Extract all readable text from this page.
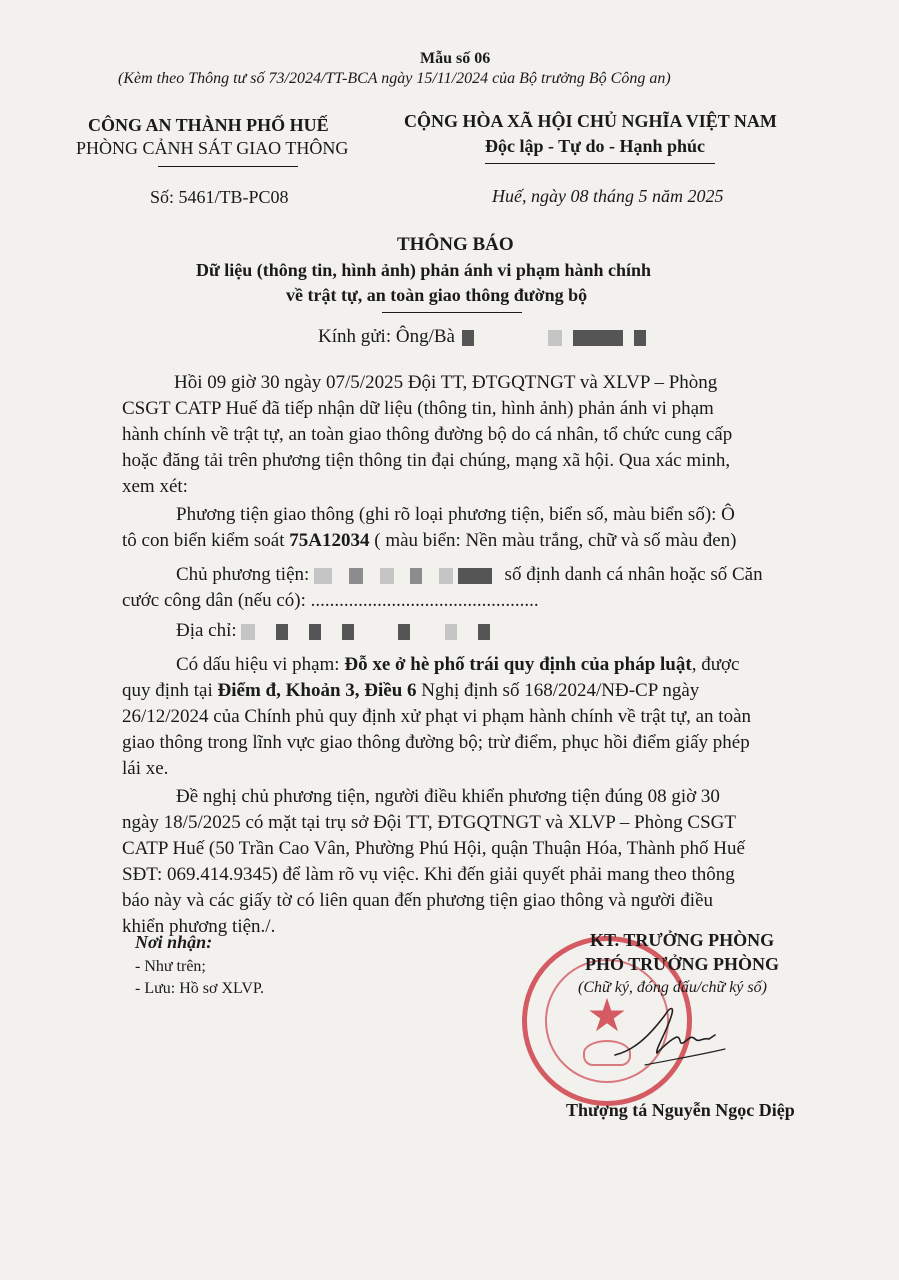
Mẫu số 06
(Kèm theo Thông tư số 73/2024/TT-BCA ngày 15/11/2024 của Bộ trưởng Bộ Công an)
CÔNG AN THÀNH PHỐ HUẾ
PHÒNG CẢNH SÁT GIAO THÔNG
CỘNG HÒA XÃ HỘI CHỦ NGHĨA VIỆT NAM
Độc lập - Tự do - Hạnh phúc
Số: 5461/TB-PC08	Huế, ngày 08 tháng 5 năm 2025
THÔNG BÁO
Dữ liệu (thông tin, hình ảnh) phản ánh vi phạm hành chính
về trật tự, an toàn giao thông đường bộ
Kính gửi: Ông/Bà
Hồi 09 giờ 30 ngày 07/5/2025 Đội TT, ĐTGQTNGT và XLVP – Phòng
CSGT CATP Huế đã tiếp nhận dữ liệu (thông tin, hình ảnh) phản ánh vi phạm
hành chính về trật tự, an toàn giao thông đường bộ do cá nhân, tổ chức cung cấp
hoặc đăng tải trên phương tiện thông tin đại chúng, mạng xã hội. Qua xác minh,
xem xét:
Phương tiện giao thông (ghi rõ loại phương tiện, biển số, màu biển số): Ô
tô con biển kiểm soát 75A12034 ( màu biển: Nền màu trắng, chữ và số màu đen)
Chủ phương tiện:	số định danh cá nhân hoặc số Căn
cước công dân (nếu có): ................................................
Địa chỉ:
Có dấu hiệu vi phạm: Đỗ xe ở hè phố trái quy định của pháp luật, được
quy định tại Điểm đ, Khoản 3, Điều 6 Nghị định số 168/2024/NĐ-CP ngày
26/12/2024 của Chính phủ quy định xử phạt vi phạm hành chính về trật tự, an toàn
giao thông trong lĩnh vực giao thông đường bộ; trừ điểm, phục hồi điểm giấy phép
lái xe.
Đề nghị chủ phương tiện, người điều khiển phương tiện đúng 08 giờ 30
ngày 18/5/2025 có mặt tại trụ sở Đội TT, ĐTGQTNGT và XLVP – Phòng CSGT
CATP Huế (50 Trần Cao Vân, Phường Phú Hội, quận Thuận Hóa, Thành phố Huế
SĐT: 069.414.9345) để làm rõ vụ việc. Khi đến giải quyết phải mang theo thông
báo này và các giấy tờ có liên quan đến phương tiện giao thông và người điều
khiển phương tiện./.
Nơi nhận:
- Như trên;
- Lưu: Hồ sơ XLVP.	★
KT. TRƯỞNG PHÒNG
PHÓ TRƯỞNG PHÒNG
(Chữ ký, đóng dấu/chữ ký số)
Thượng tá Nguyễn Ngọc Diệp
